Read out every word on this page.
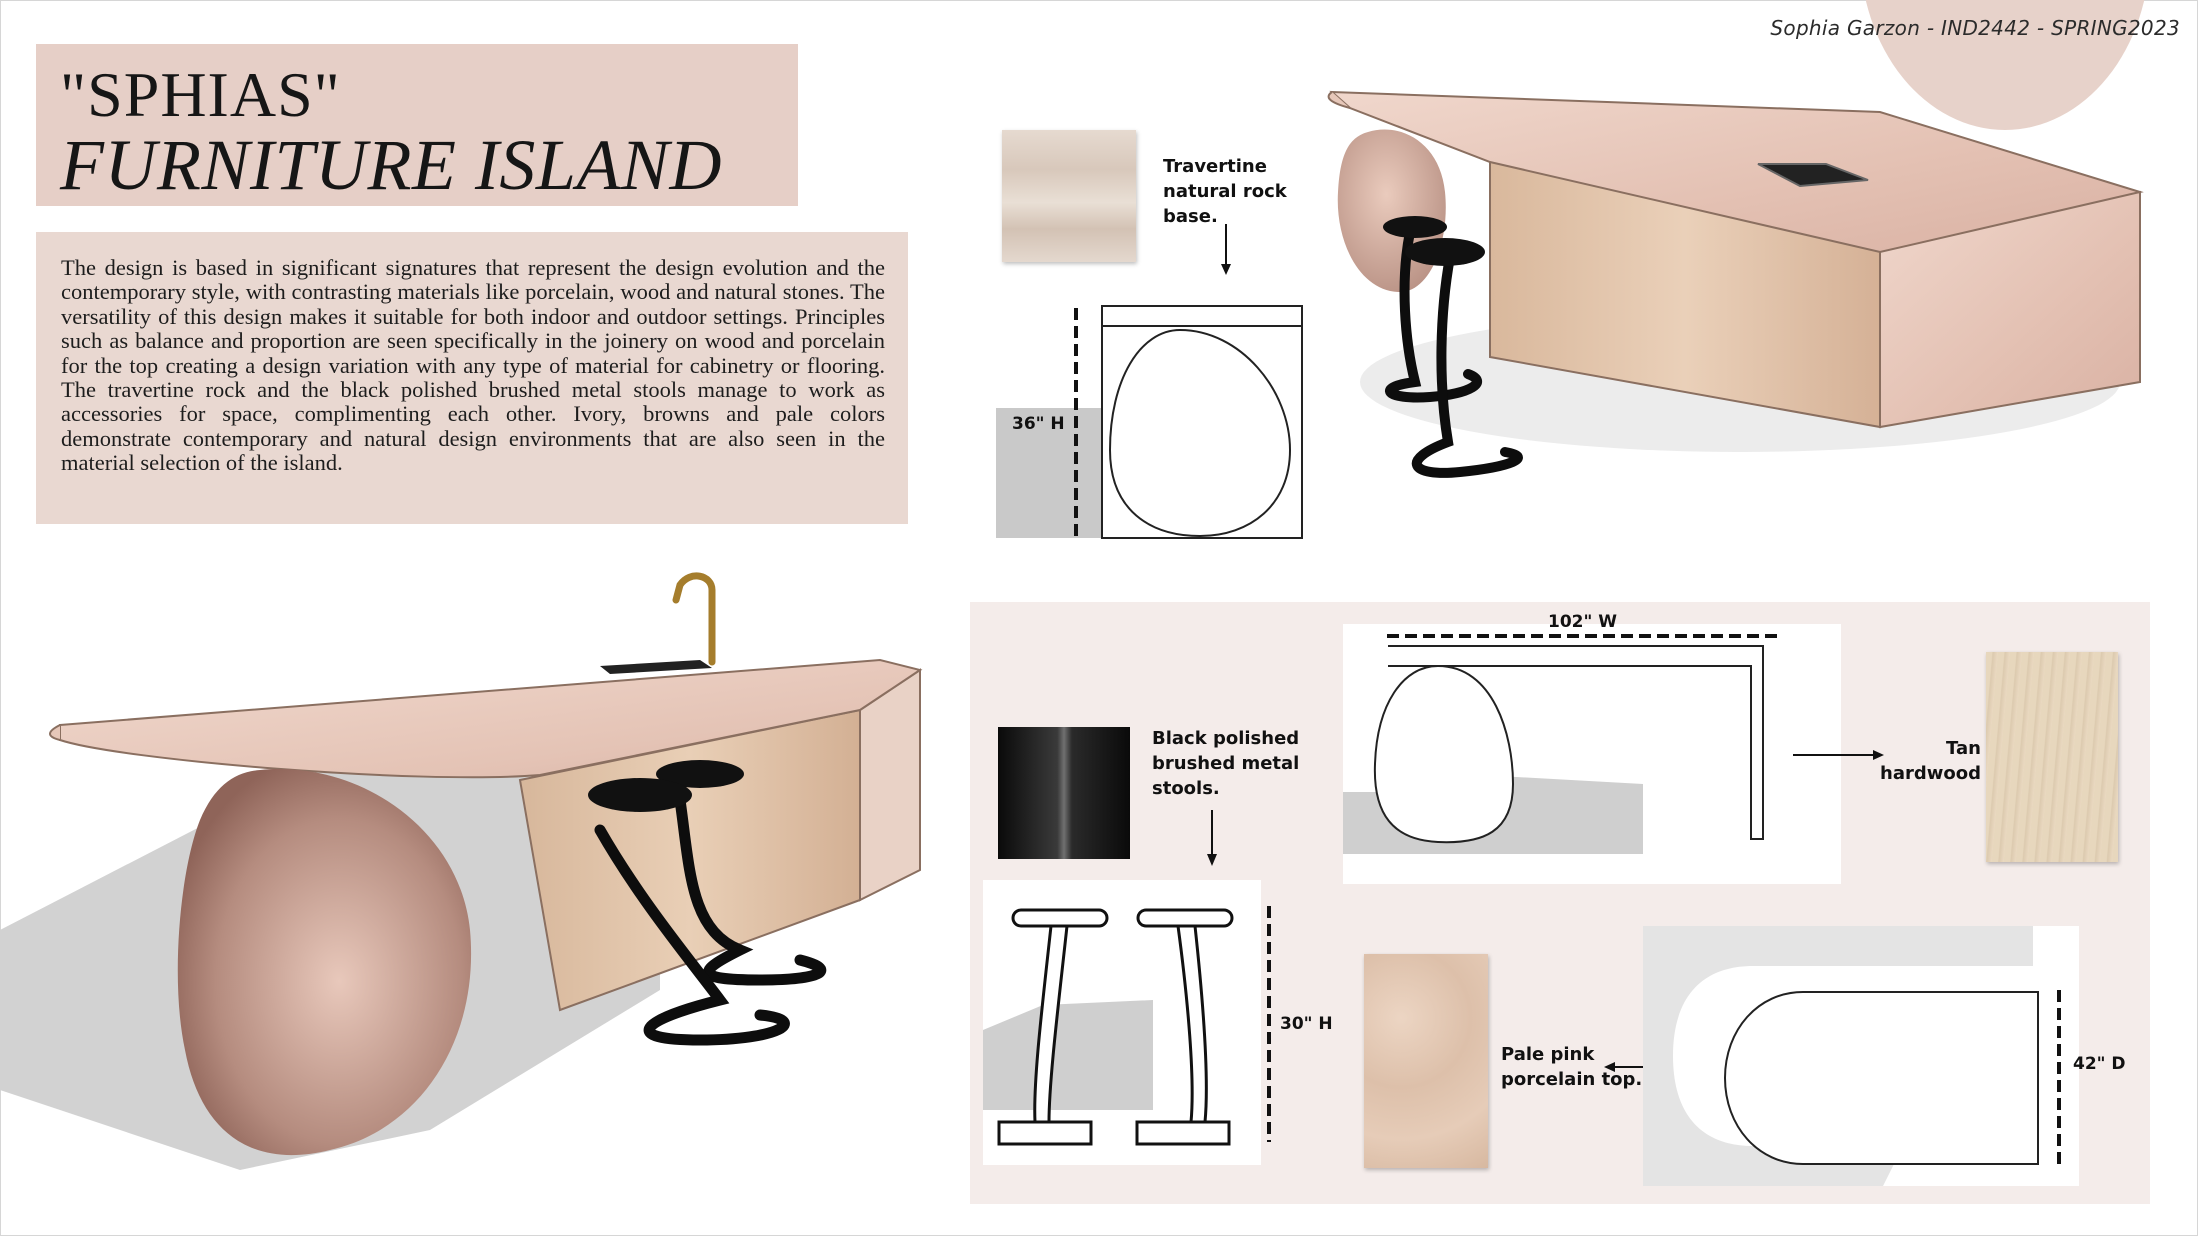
Sophia Garzon - IND2442 - SPRING2023
"SPHIAS"
FURNITURE ISLAND
The design is based in significant signatures that represent the design evolution and the contemporary style, with contrasting materials like porcelain, wood and natural stones. The versatility of this design makes it suitable for both indoor and outdoor settings. Principles such as balance and proportion are seen specifically in the joinery on wood and porcelain for the top creating a design variation with any type of material for cabinetry or flooring. The travertine rock and the black polished brushed metal stools manage to work as accessories for space, complimenting each other. Ivory, browns and pale colors demonstrate contemporary and natural design environments that are also seen in the material selection of the island.
Travertine
natural rock
base.
36" H
102" W
Tan
hardwood
Black polished
brushed metal
stools.
30" H
Pale pink
porcelain top.
42" D
